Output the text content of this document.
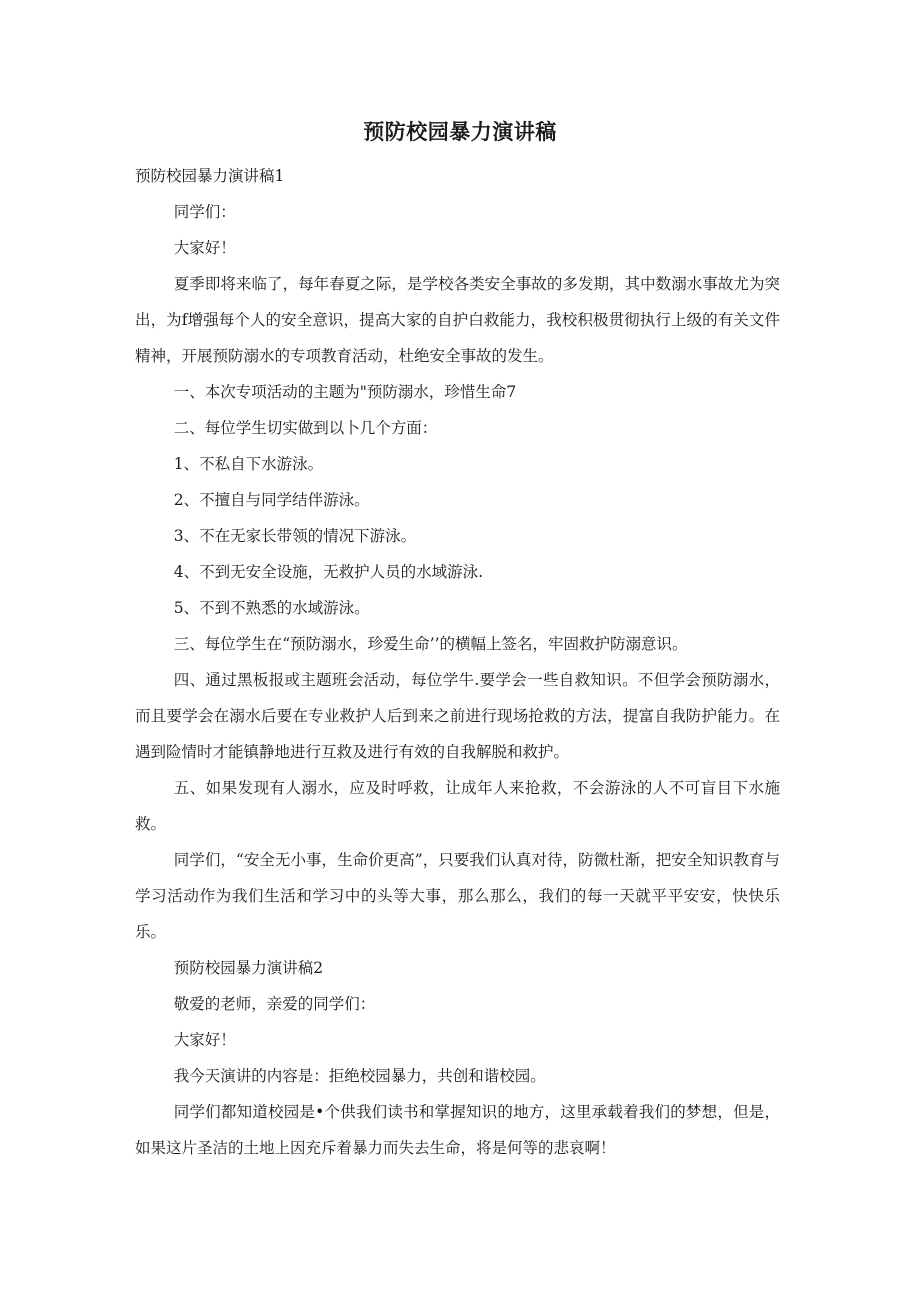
预防校园暴力演讲稿

预防校园暴力演讲稿1

同学们：

大家好！

夏季即将来临了，每年春夏之际，是学校各类安全事故的多发期，其中数溺水事故尤为突出，为f增强每个人的安全意识，提高大家的自护白救能力，我校积极贯彻执行上级的有关文件精神，开展预防溺水的专项教育活动，杜绝安全事故的发生。

一、本次专项活动的主题为"预防溺水，珍惜生命7

二、每位学生切实做到以卜几个方面：

1、不私自下水游泳。

2、不擅自与同学结伴游泳。

3、不在无家长带领的情况下游泳。

4、不到无安全设施，无救护人员的水域游泳.

5、不到不熟悉的水域游泳。

三、每位学生在“预防溺水，珍爱生命’’的横幅上签名，牢固救护防溺意识。

四、通过黑板报或主题班会活动，每位学牛.要学会一些自救知识。不但学会预防溺水，而且要学会在溺水后要在专业救护人后到来之前进行现场抢救的方法，提富自我防护能力。在遇到险情时才能镇静地进行互救及进行有效的自我解脱和救护。

五、如果发现有人溺水，应及时呼救，让成年人来抢救，不会游泳的人不可盲目下水施救。

同学们，“安全无小事，生命价更高”，只要我们认真对待，防微杜渐，把安全知识教育与学习活动作为我们生活和学习中的头等大事，那么那么，我们的每一天就平平安安，快快乐乐。

预防校园暴力演讲稿2

敬爱的老师，亲爱的同学们：

大家好！

我今天演讲的内容是：拒绝校园暴力，共创和谐校园。

同学们都知道校园是•个供我们读书和掌握知识的地方，这里承载着我们的梦想，但是，如果这片圣洁的土地上因充斥着暴力而失去生命，将是何等的悲哀啊！
